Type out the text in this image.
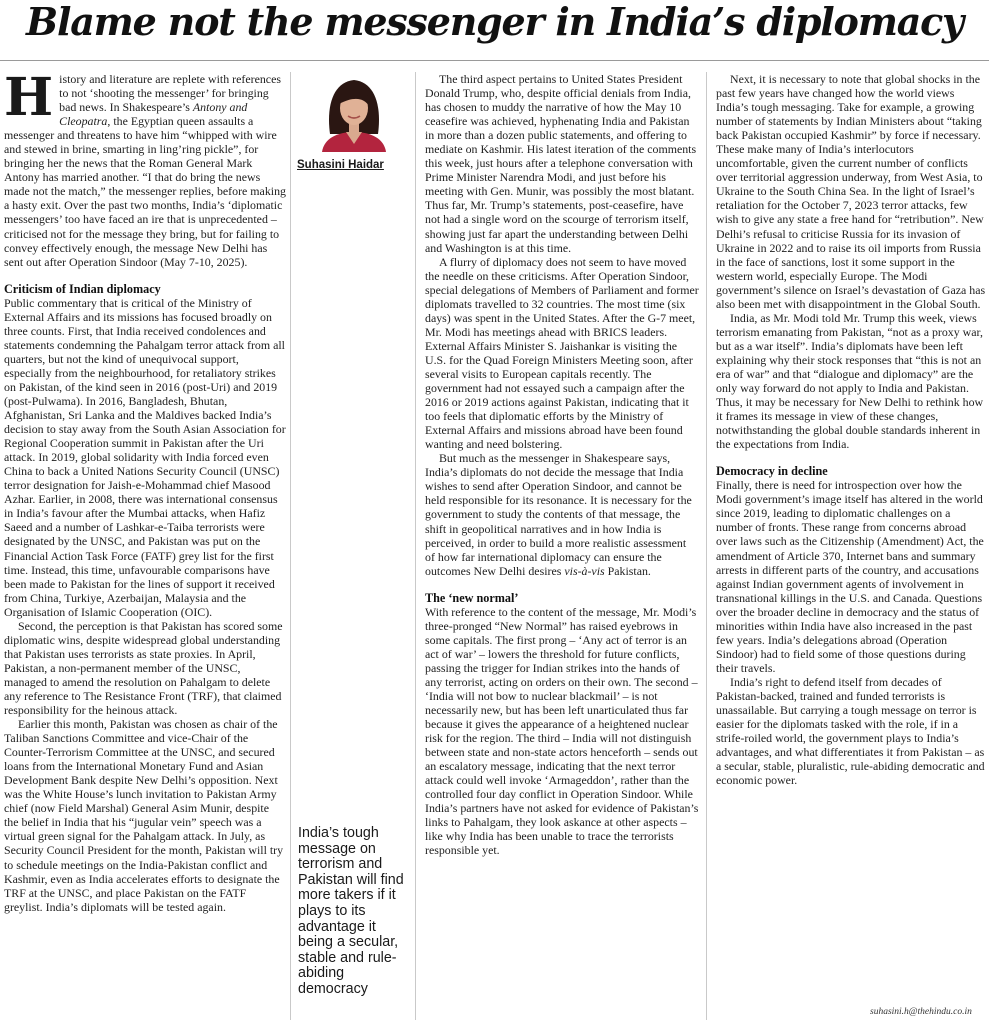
Blame not the messenger in India’s diplomacy

History and literature are replete with references to not ‘shooting the messenger’ for bringing bad news. In Shakespeare’s Antony and Cleopatra, the Egyptian queen assaults a messenger and threatens to have him “whipped with wire and stewed in brine, smarting in ling’ring pickle”, for bringing her the news that the Roman General Mark Antony has married another. “I that do bring the news made not the match,” the messenger replies, before making a hasty exit. Over the past two months, India’s ‘diplomatic messengers’ too have faced an ire that is unprecedented – criticised not for the message they bring, but for failing to convey effectively enough, the message New Delhi has sent out after Operation Sindoor (May 7-10, 2025).

Criticism of Indian diplomacy

Public commentary that is critical of the Ministry of External Affairs and its missions has focused broadly on three counts. First, that India received condolences and statements condemning the Pahalgam terror attack from all quarters, but not the kind of unequivocal support, especially from the neighbourhood, for retaliatory strikes on Pakistan, of the kind seen in 2016 (post-Uri) and 2019 (post-Pulwama). In 2016, Bangladesh, Bhutan, Afghanistan, Sri Lanka and the Maldives backed India’s decision to stay away from the South Asian Association for Regional Cooperation summit in Pakistan after the Uri attack. In 2019, global solidarity with India forced even China to back a United Nations Security Council (UNSC) terror designation for Jaish-e-Mohammad chief Masood Azhar. Earlier, in 2008, there was international consensus in India’s favour after the Mumbai attacks, when Hafiz Saeed and a number of Lashkar-e-Taiba terrorists were designated by the UNSC, and Pakistan was put on the Financial Action Task Force (FATF) grey list for the first time. Instead, this time, unfavourable comparisons have been made to Pakistan for the lines of support it received from China, Turkiye, Azerbaijan, Malaysia and the Organisation of Islamic Cooperation (OIC).

Second, the perception is that Pakistan has scored some diplomatic wins, despite widespread global understanding that Pakistan uses terrorists as state proxies. In April, Pakistan, a non-permanent member of the UNSC, managed to amend the resolution on Pahalgam to delete any reference to The Resistance Front (TRF), that claimed responsibility for the heinous attack.

Earlier this month, Pakistan was chosen as chair of the Taliban Sanctions Committee and vice-Chair of the Counter-Terrorism Committee at the UNSC, and secured loans from the International Monetary Fund and Asian Development Bank despite New Delhi’s opposition. Next was the White House’s lunch invitation to Pakistan Army chief (now Field Marshal) General Asim Munir, despite the belief in India that his “jugular vein” speech was a virtual green signal for the Pahalgam attack. In July, as Security Council President for the month, Pakistan will try to schedule meetings on the India-Pakistan conflict and Kashmir, even as India accelerates efforts to designate the TRF at the UNSC, and place Pakistan on the FATF greylist. India’s diplomats will be tested again.

Suhasini Haidar

India’s tough message on terrorism and Pakistan will find more takers if it plays to its advantage it being a secular, stable and rule-abiding democracy

The third aspect pertains to United States President Donald Trump, who, despite official denials from India, has chosen to muddy the narrative of how the May 10 ceasefire was achieved, hyphenating India and Pakistan in more than a dozen public statements, and offering to mediate on Kashmir. His latest iteration of the comments this week, just hours after a telephone conversation with Prime Minister Narendra Modi, and just before his meeting with Gen. Munir, was possibly the most blatant. Thus far, Mr. Trump’s statements, post-ceasefire, have not had a single word on the scourge of terrorism itself, showing just far apart the understanding between Delhi and Washington is at this time.

A flurry of diplomacy does not seem to have moved the needle on these criticisms. After Operation Sindoor, special delegations of Members of Parliament and former diplomats travelled to 32 countries. The most time (six days) was spent in the United States. After the G-7 meet, Mr. Modi has meetings ahead with BRICS leaders. External Affairs Minister S. Jaishankar is visiting the U.S. for the Quad Foreign Ministers Meeting soon, after several visits to European capitals recently. The government had not essayed such a campaign after the 2016 or 2019 actions against Pakistan, indicating that it too feels that diplomatic efforts by the Ministry of External Affairs and missions abroad have been found wanting and need bolstering.

But much as the messenger in Shakespeare says, India’s diplomats do not decide the message that India wishes to send after Operation Sindoor, and cannot be held responsible for its resonance. It is necessary for the government to study the contents of that message, the shift in geopolitical narratives and in how India is perceived, in order to build a more realistic assessment of how far international diplomacy can ensure the outcomes New Delhi desires vis-à-vis Pakistan.

The ‘new normal’

With reference to the content of the message, Mr. Modi’s three-pronged “New Normal” has raised eyebrows in some capitals. The first prong – ‘Any act of terror is an act of war’ – lowers the threshold for future conflicts, passing the trigger for Indian strikes into the hands of any terrorist, acting on orders on their own. The second – ‘India will not bow to nuclear blackmail’ – is not necessarily new, but has been left unarticulated thus far because it gives the appearance of a heightened nuclear risk for the region. The third – India will not distinguish between state and non-state actors henceforth – sends out an escalatory message, indicating that the next terror attack could well invoke ‘Armageddon’, rather than the controlled four day conflict in Operation Sindoor. While India’s partners have not asked for evidence of Pakistan’s links to Pahalgam, they look askance at other aspects – like why India has been unable to trace the terrorists responsible yet.

Next, it is necessary to note that global shocks in the past few years have changed how the world views India’s tough messaging. Take for example, a growing number of statements by Indian Ministers about “taking back Pakistan occupied Kashmir” by force if necessary. These make many of India’s interlocutors uncomfortable, given the current number of conflicts over territorial aggression underway, from West Asia, to Ukraine to the South China Sea. In the light of Israel’s retaliation for the October 7, 2023 terror attacks, few wish to give any state a free hand for “retribution”. New Delhi’s refusal to criticise Russia for its invasion of Ukraine in 2022 and to raise its oil imports from Russia in the face of sanctions, lost it some support in the western world, especially Europe. The Modi government’s silence on Israel’s devastation of Gaza has also been met with disappointment in the Global South.

India, as Mr. Modi told Mr. Trump this week, views terrorism emanating from Pakistan, “not as a proxy war, but as a war itself”. India’s diplomats have been left explaining why their stock responses that “this is not an era of war” and that “dialogue and diplomacy” are the only way forward do not apply to India and Pakistan. Thus, it may be necessary for New Delhi to rethink how it frames its message in view of these changes, notwithstanding the global double standards inherent in the expectations from India.

Democracy in decline

Finally, there is need for introspection over how the Modi government’s image itself has altered in the world since 2019, leading to diplomatic challenges on a number of fronts. These range from concerns abroad over laws such as the Citizenship (Amendment) Act, the amendment of Article 370, Internet bans and summary arrests in different parts of the country, and accusations against Indian government agents of involvement in transnational killings in the U.S. and Canada. Questions over the broader decline in democracy and the status of minorities within India have also increased in the past few years. India’s delegations abroad (Operation Sindoor) had to field some of those questions during their travels.

India’s right to defend itself from decades of Pakistan-backed, trained and funded terrorists is unassailable. But carrying a tough message on terror is easier for the diplomats tasked with the role, if in a strife-roiled world, the government plays to India’s advantages, and what differentiates it from Pakistan – as a secular, stable, pluralistic, rule-abiding democratic and economic power.

suhasini.h@thehindu.co.in
